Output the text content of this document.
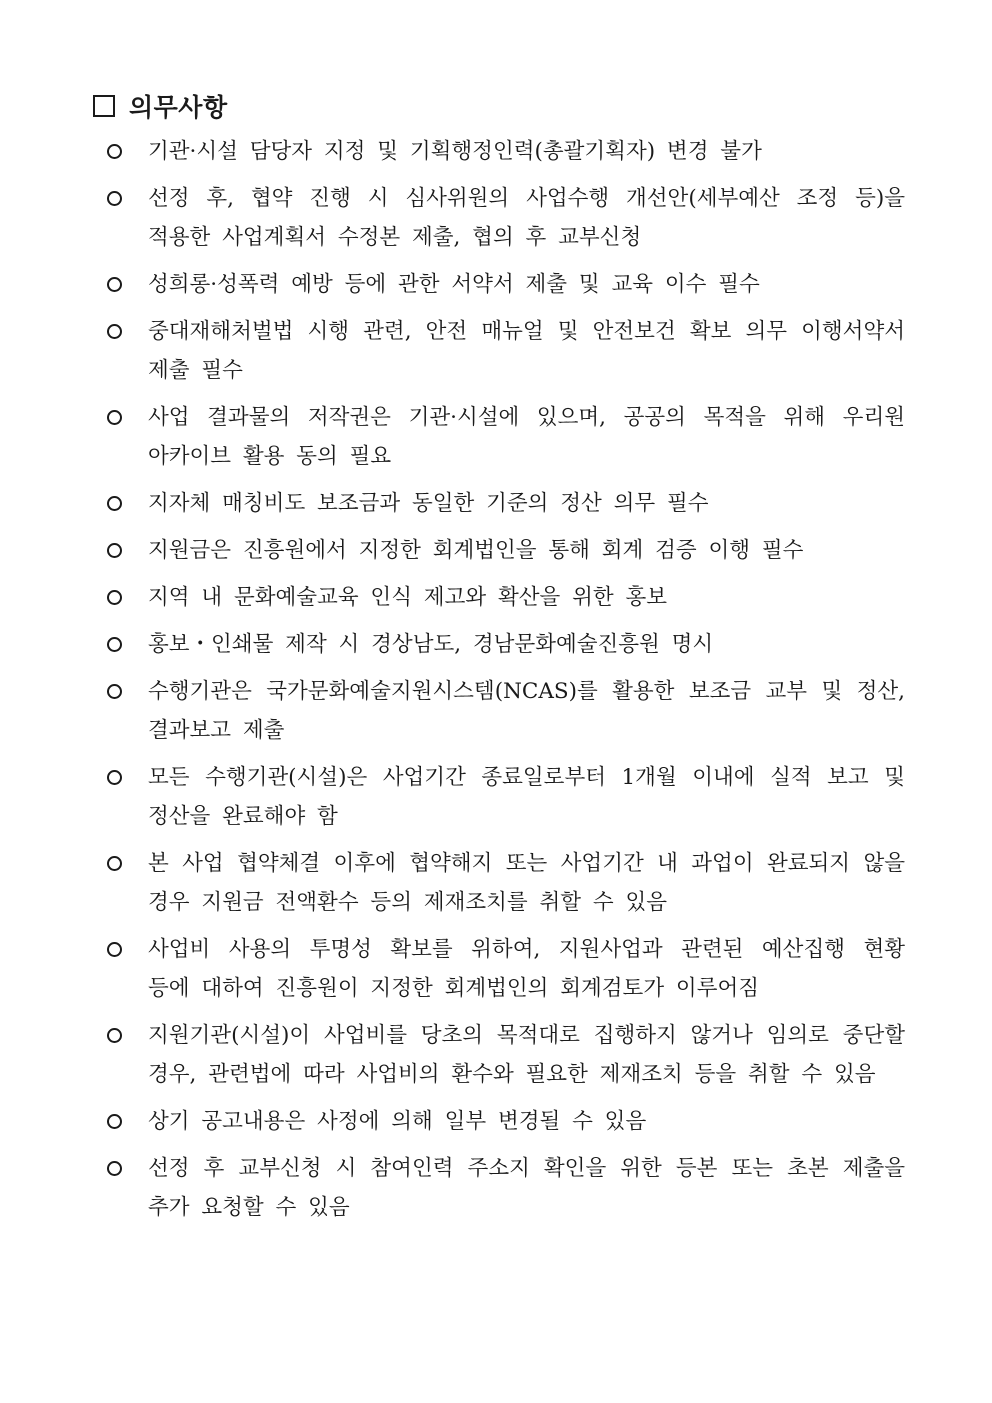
의무사항
기관·시설 담당자 지정 및 기획행정인력(총괄기획자) 변경 불가
선정 후, 협약 진행 시 심사위원의 사업수행 개선안(세부예산 조정 등)을 적용한 사업계획서 수정본 제출, 협의 후 교부신청
성희롱·성폭력 예방 등에 관한 서약서 제출 및 교육 이수 필수
중대재해처벌법 시행 관련, 안전 매뉴얼 및 안전보건 확보 의무 이행서약서 제출 필수
사업 결과물의 저작권은 기관·시설에 있으며, 공공의 목적을 위해 우리원 아카이브 활용 동의 필요
지자체 매칭비도 보조금과 동일한 기준의 정산 의무 필수
지원금은 진흥원에서 지정한 회계법인을 통해 회계 검증 이행 필수
지역 내 문화예술교육 인식 제고와 확산을 위한 홍보
홍보・인쇄물 제작 시 경상남도, 경남문화예술진흥원 명시
수행기관은 국가문화예술지원시스템(NCAS)를 활용한 보조금 교부 및 정산, 결과보고 제출
모든 수행기관(시설)은 사업기간 종료일로부터 1개월 이내에 실적 보고 및 정산을 완료해야 함
본 사업 협약체결 이후에 협약해지 또는 사업기간 내 과업이 완료되지 않을 경우 지원금 전액환수 등의 제재조치를 취할 수 있음
사업비 사용의 투명성 확보를 위하여, 지원사업과 관련된 예산집행 현황 등에 대하여 진흥원이 지정한 회계법인의 회계검토가 이루어짐
지원기관(시설)이 사업비를 당초의 목적대로 집행하지 않거나 임의로 중단할 경우, 관련법에 따라 사업비의 환수와 필요한 제재조치 등을 취할 수 있음
상기 공고내용은 사정에 의해 일부 변경될 수 있음
선정 후 교부신청 시 참여인력 주소지 확인을 위한 등본 또는 초본 제출을 추가 요청할 수 있음
